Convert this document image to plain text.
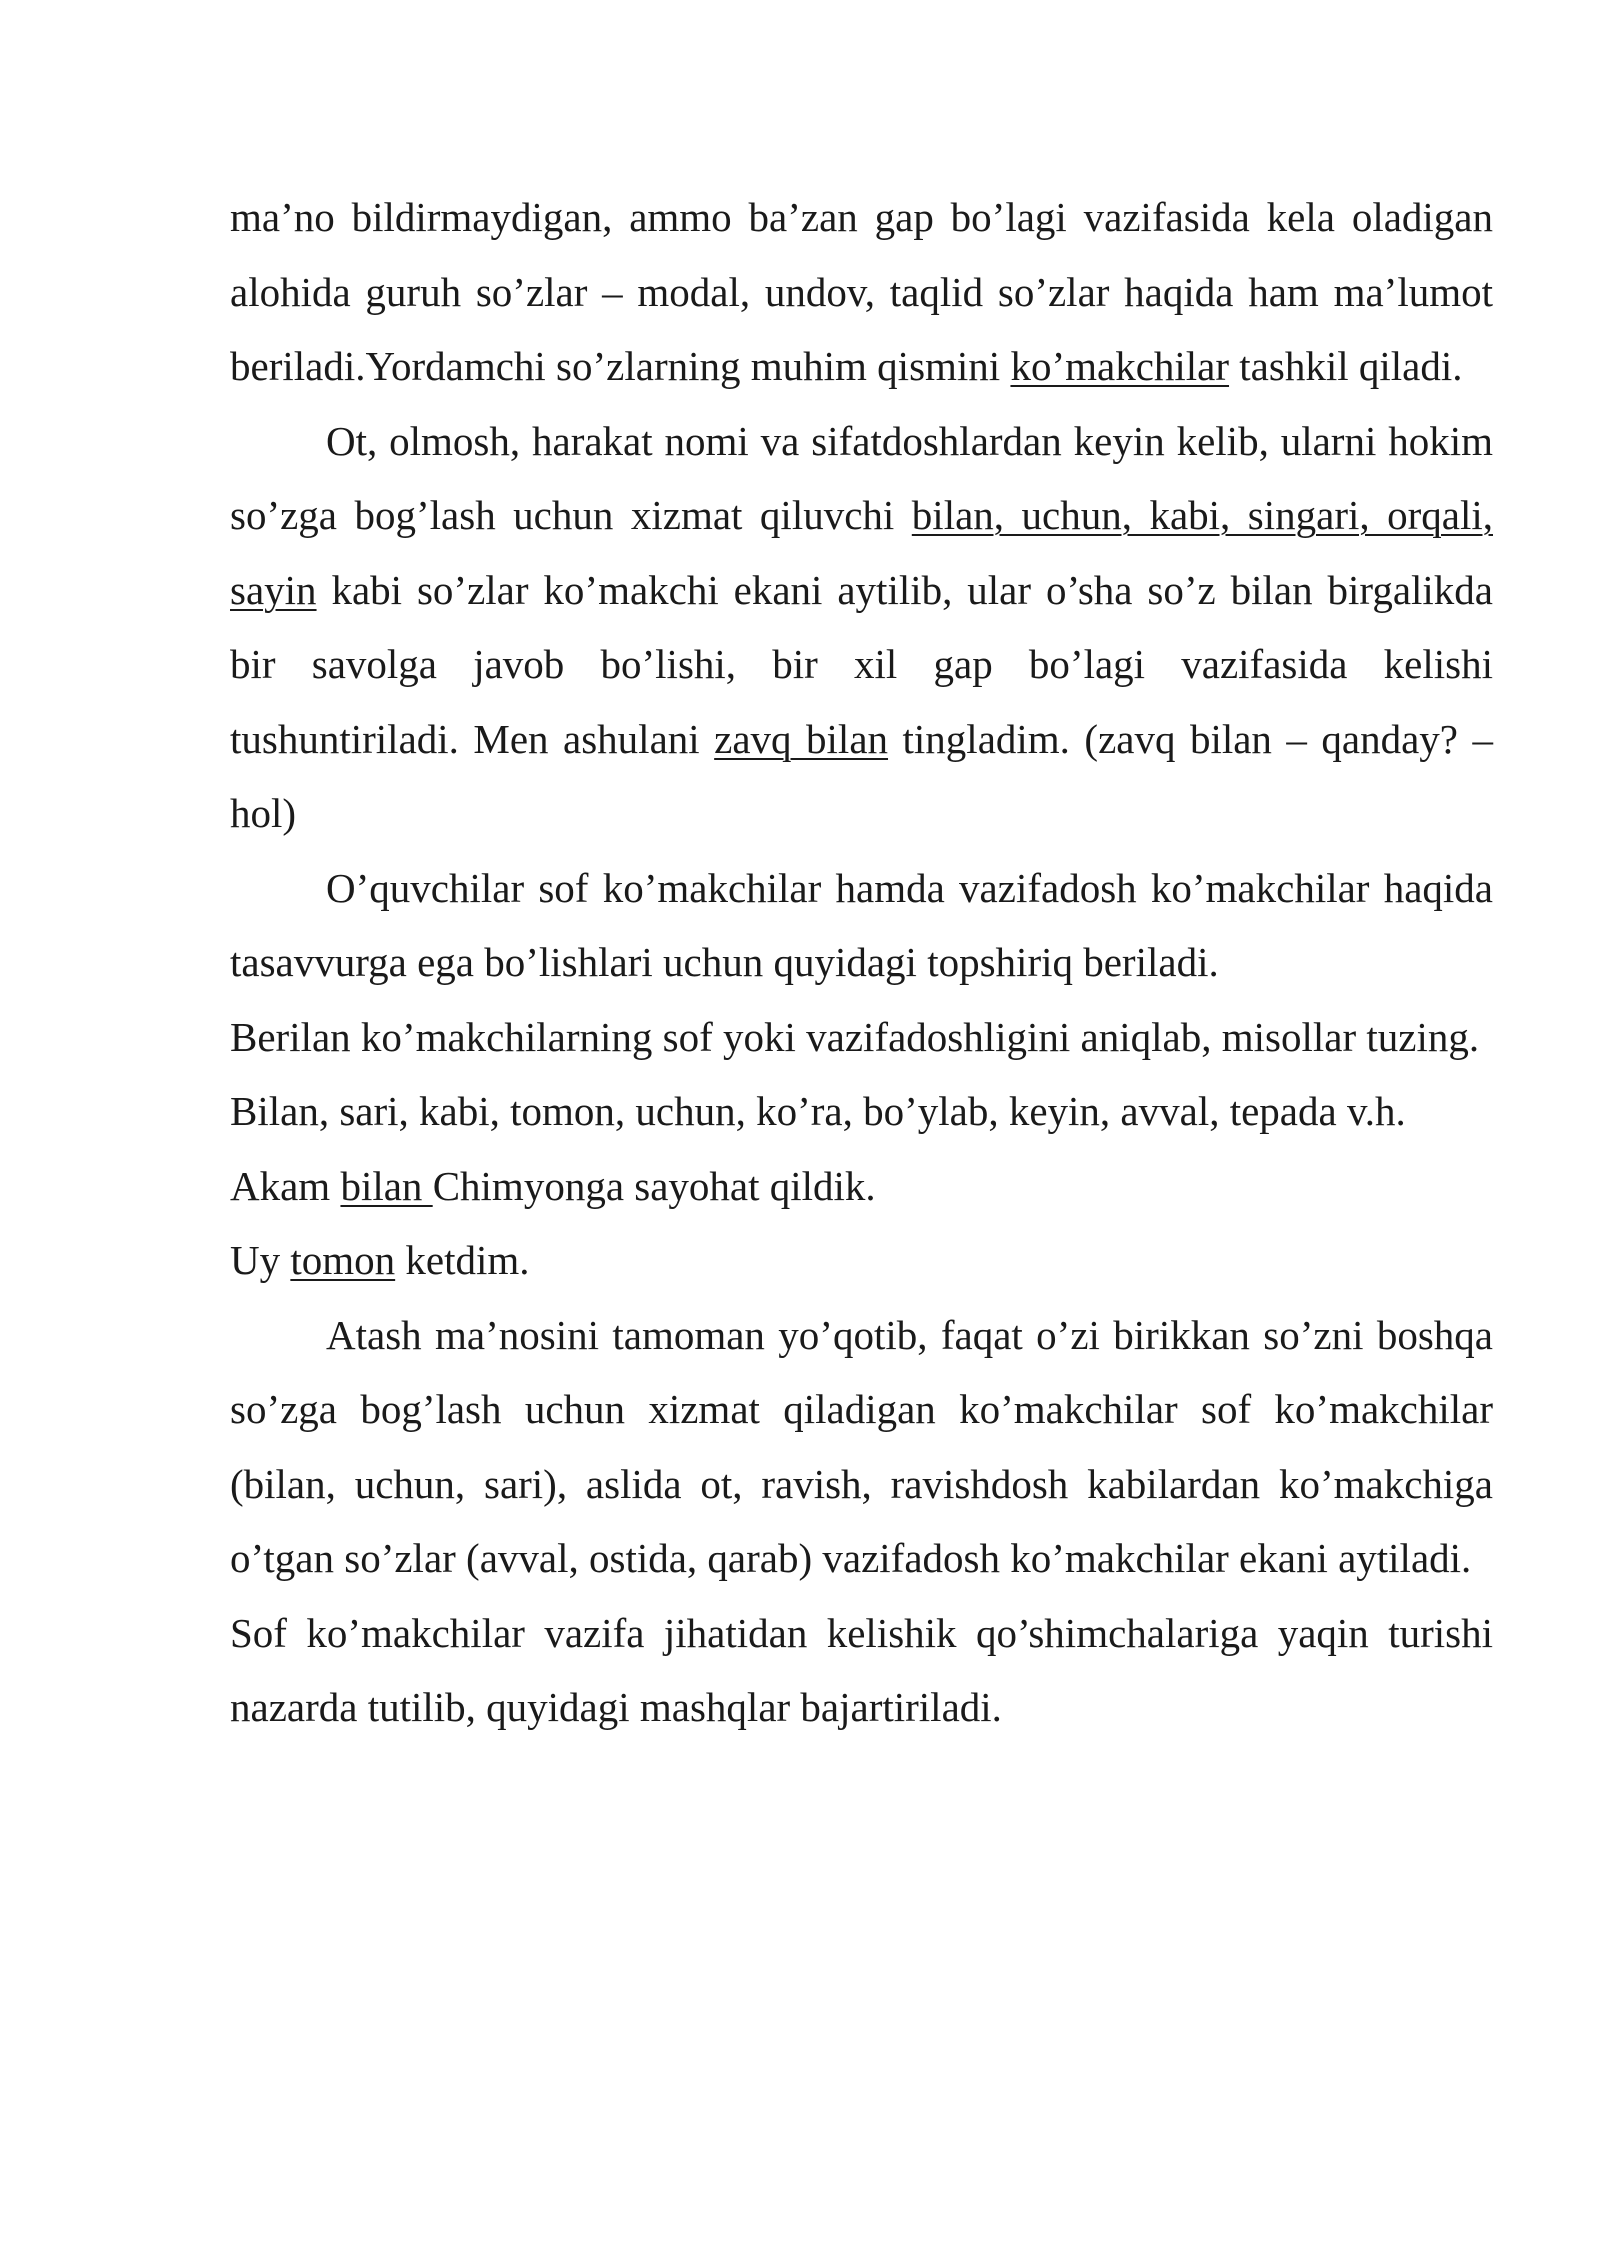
ma’no bildirmaydigan, ammo ba’zan gap bo’lagi vazifasida kela oladigan alohida guruh so’zlar – modal, undov, taqlid so’zlar haqida ham ma’lumot beriladi.Yordamchi so’zlarning muhim qismini ko’makchilar tashkil qiladi.

Ot, olmosh, harakat nomi va sifatdoshlardan keyin kelib, ularni hokim so’zga bog’lash uchun xizmat qiluvchi bilan, uchun, kabi, singari, orqali, sayin kabi so’zlar ko’makchi ekani aytilib, ular o’sha so’z bilan birgalikda bir savolga javob bo’lishi, bir xil gap bo’lagi vazifasida kelishi tushuntiriladi. Men ashulani zavq bilan tingladim. (zavq bilan – qanday? – hol)

O’quvchilar sof ko’makchilar hamda vazifadosh ko’makchilar haqida tasavvurga ega bo’lishlari uchun quyidagi topshiriq beriladi.

Berilan ko’makchilarning sof yoki vazifadoshligini aniqlab, misollar tuzing.

Bilan, sari, kabi, tomon, uchun, ko’ra, bo’ylab, keyin, avval, tepada v.h.

Akam bilan Chimyonga sayohat qildik.

Uy tomon ketdim.

Atash ma’nosini tamoman yo’qotib, faqat o’zi birikkan so’zni boshqa so’zga bog’lash uchun xizmat qiladigan ko’makchilar sof ko’makchilar (bilan, uchun, sari), aslida ot, ravish, ravishdosh kabilardan ko’makchiga o’tgan so’zlar (avval, ostida, qarab) vazifadosh ko’makchilar ekani aytiladi.

Sof ko’makchilar vazifa jihatidan kelishik qo’shimchalariga yaqin turishi nazarda tutilib, quyidagi mashqlar bajartiriladi.
